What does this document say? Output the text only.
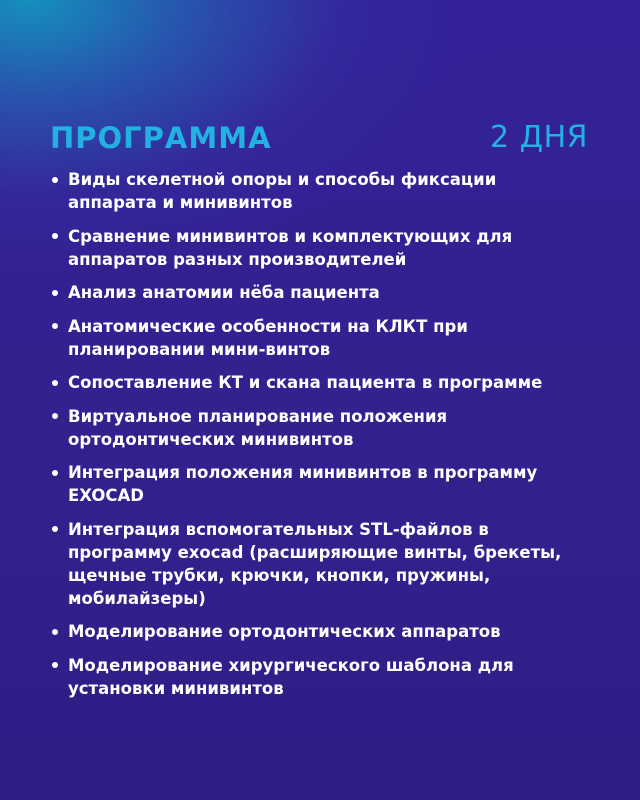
ПРОГРАММА	2 ДНЯ
Виды скелетной опоры и способы фиксации аппарата и минивинтов
Сравнение минивинтов и комплектующих для аппаратов разных производителей
Анализ анатомии нёба пациента
Анатомические особенности на КЛКТ при планировании мини-винтов
Сопоставление КТ и скана пациента в программе
Виртуальное планирование положения ортодонтических минивинтов
Интеграция положения минивинтов в программу EXOCAD
Интеграция вспомогательных STL-файлов в программу exocad (расширяющие винты, брекеты, щечные трубки, крючки, кнопки, пружины, мобилайзеры)
Моделирование ортодонтических аппаратов
Моделирование хирургического шаблона для установки минивинтов
